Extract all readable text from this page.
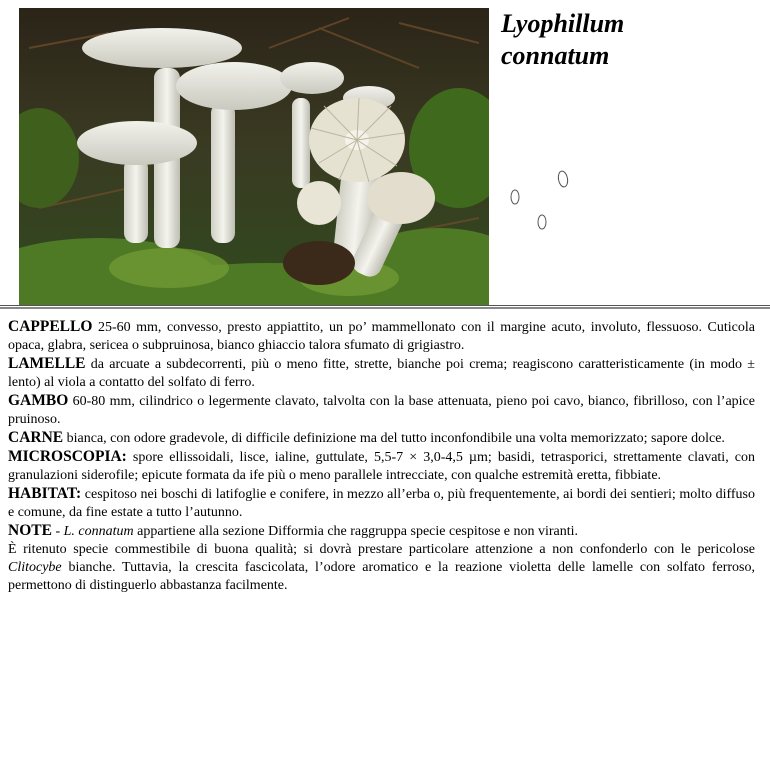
Lyophillum
connatum

CAPPELLO 25-60 mm, convesso, presto appiattito, un po’ mammellonato con il margine acuto, involuto, flessuoso. Cuticola opaca, glabra, sericea o subpruinosa, bianco ghiaccio talora sfumato di grigiastro.

LAMELLE da arcuate a subdecorrenti, più o meno fitte, strette, bianche poi crema; reagiscono caratteristicamente (in modo ± lento) al viola a contatto del solfato di ferro.

GAMBO 60-80 mm, cilindrico o legermente clavato, talvolta con la base attenuata, pieno poi cavo, bianco, fibrilloso, con l’apice pruinoso.

CARNE bianca, con odore gradevole, di difficile definizione ma del tutto inconfondibile una volta memorizzato; sapore dolce.

MICROSCOPIA: spore ellissoidali, lisce, ialine, guttulate, 5,5-7 × 3,0-4,5 µm; basidi, tetrasporici, strettamente clavati, con granulazioni siderofile; epicute formata da ife più o meno parallele intrecciate, con qualche estremità eretta, fibbiate.

HABITAT: cespitoso nei boschi di latifoglie e conifere, in mezzo all’erba o, più frequentemente, ai bordi dei sentieri; molto diffuso e comune, da fine estate a tutto l’autunno.

NOTE - L. connatum appartiene alla sezione Difformia che raggruppa specie cespitose e non viranti.

È ritenuto specie commestibile di buona qualità; si dovrà prestare particolare attenzione a non confonderlo con le pericolose Clitocybe bianche. Tuttavia, la crescita fascicolata, l’odore aromatico e la reazione violetta delle lamelle con solfato ferroso, permettono di distinguerlo abbastanza facilmente.
